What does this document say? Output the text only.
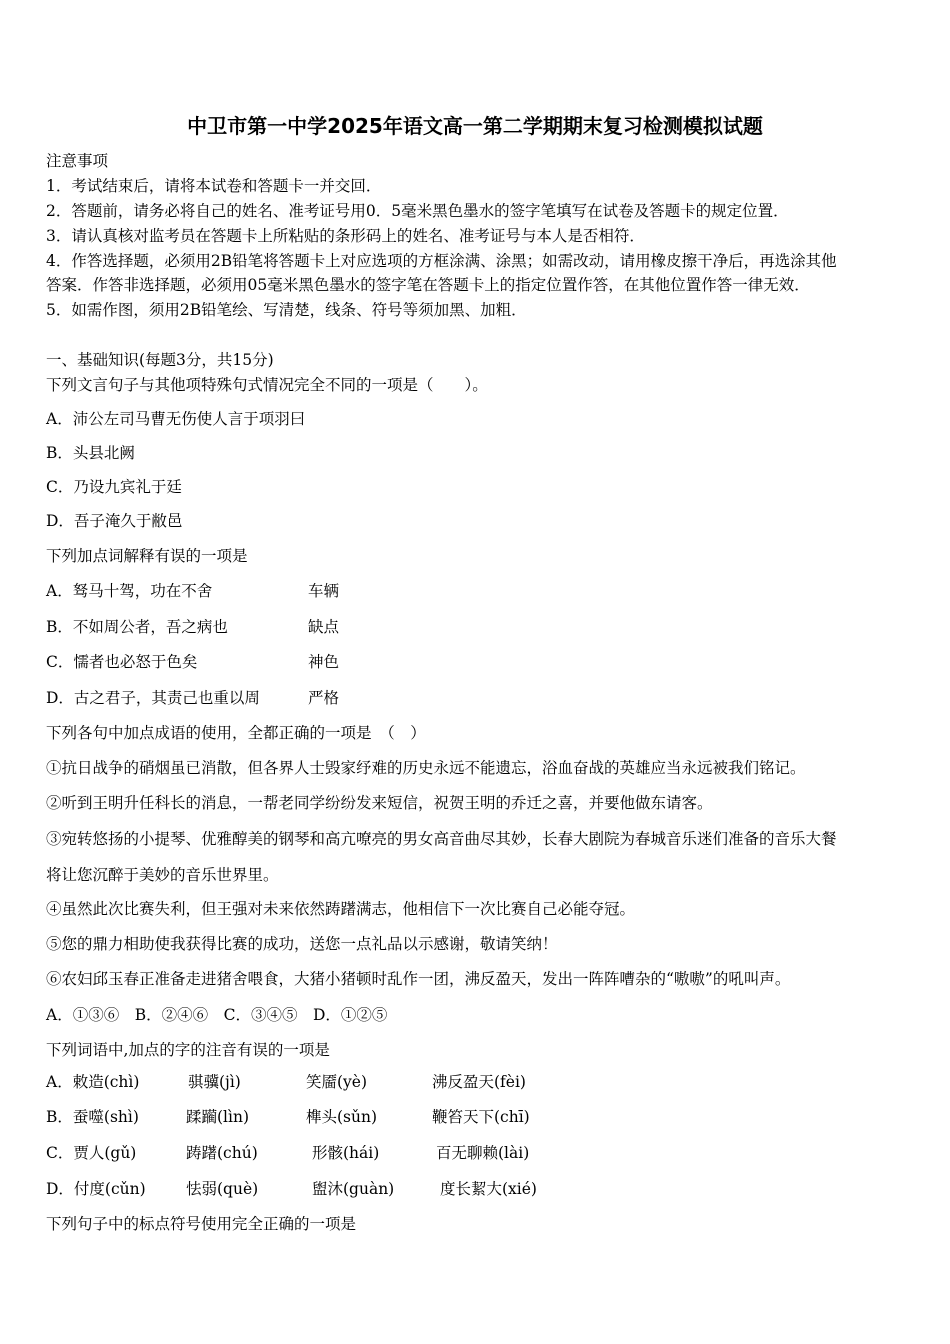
中卫市第一中学2025年语文高一第二学期期末复习检测模拟试题
注意事项
1．考试结束后，请将本试卷和答题卡一并交回．
2．答题前，请务必将自己的姓名、准考证号用0．5毫米黑色墨水的签字笔填写在试卷及答题卡的规定位置．
3．请认真核对监考员在答题卡上所粘贴的条形码上的姓名、准考证号与本人是否相符．
4．作答选择题，必须用2B铅笔将答题卡上对应选项的方框涂满、涂黑；如需改动，请用橡皮擦干净后，再选涂其他
答案．作答非选择题，必须用05毫米黑色墨水的签字笔在答题卡上的指定位置作答，在其他位置作答一律无效．
5．如需作图，须用2B铅笔绘、写清楚，线条、符号等须加黑、加粗．
一、基础知识(每题3分，共15分)
下列文言句子与其他项特殊句式情况完全不同的一项是（　　）。
A．沛公左司马曹无伤使人言于项羽曰
B．头县北阙
C．乃设九宾礼于廷
D．吾子淹久于敝邑
下列加点词解释有误的一项是
A．驽马十驾，功在不舍	车辆
B．不如周公者，吾之病也	缺点
C．懦者也必怒于色矣	神色
D．古之君子，其责己也重以周	严格
下列各句中加点成语的使用，全都正确的一项是　（　）
①抗日战争的硝烟虽已消散，但各界人士毁家纾难的历史永远不能遗忘，浴血奋战的英雄应当永远被我们铭记。
②听到王明升任科长的消息，一帮老同学纷纷发来短信，祝贺王明的乔迁之喜，并要他做东请客。
③宛转悠扬的小提琴、优雅醇美的钢琴和高亢嘹亮的男女高音曲尽其妙，长春大剧院为春城音乐迷们准备的音乐大餐
将让您沉醉于美妙的音乐世界里。
④虽然此次比赛失利，但王强对未来依然踌躇满志，他相信下一次比赛自己必能夺冠。
⑤您的鼎力相助使我获得比赛的成功，送您一点礼品以示感谢，敬请笑纳！
⑥农妇邱玉春正准备走进猪舍喂食，大猪小猪顿时乱作一团，沸反盈天，发出一阵阵嘈杂的“嗷嗷”的吼叫声。
A．①③⑥　B．②④⑥　C．③④⑤　D．①②⑤
下列词语中,加点的字的注音有误的一项是
A．敕造(chì)	骐骥(jì)	笑靥(yè)	沸反盈天(fèi)
B．蚕噬(shì)	蹂躏(lìn)	榫头(sǔn)	鞭笞天下(chī)
C．贾人(gǔ)	踌躇(chú)	形骸(hái)	百无聊赖(lài)
D．付度(cǔn)	怯弱(què)	盥沐(guàn)	度长絜大(xié)
下列句子中的标点符号使用完全正确的一项是
